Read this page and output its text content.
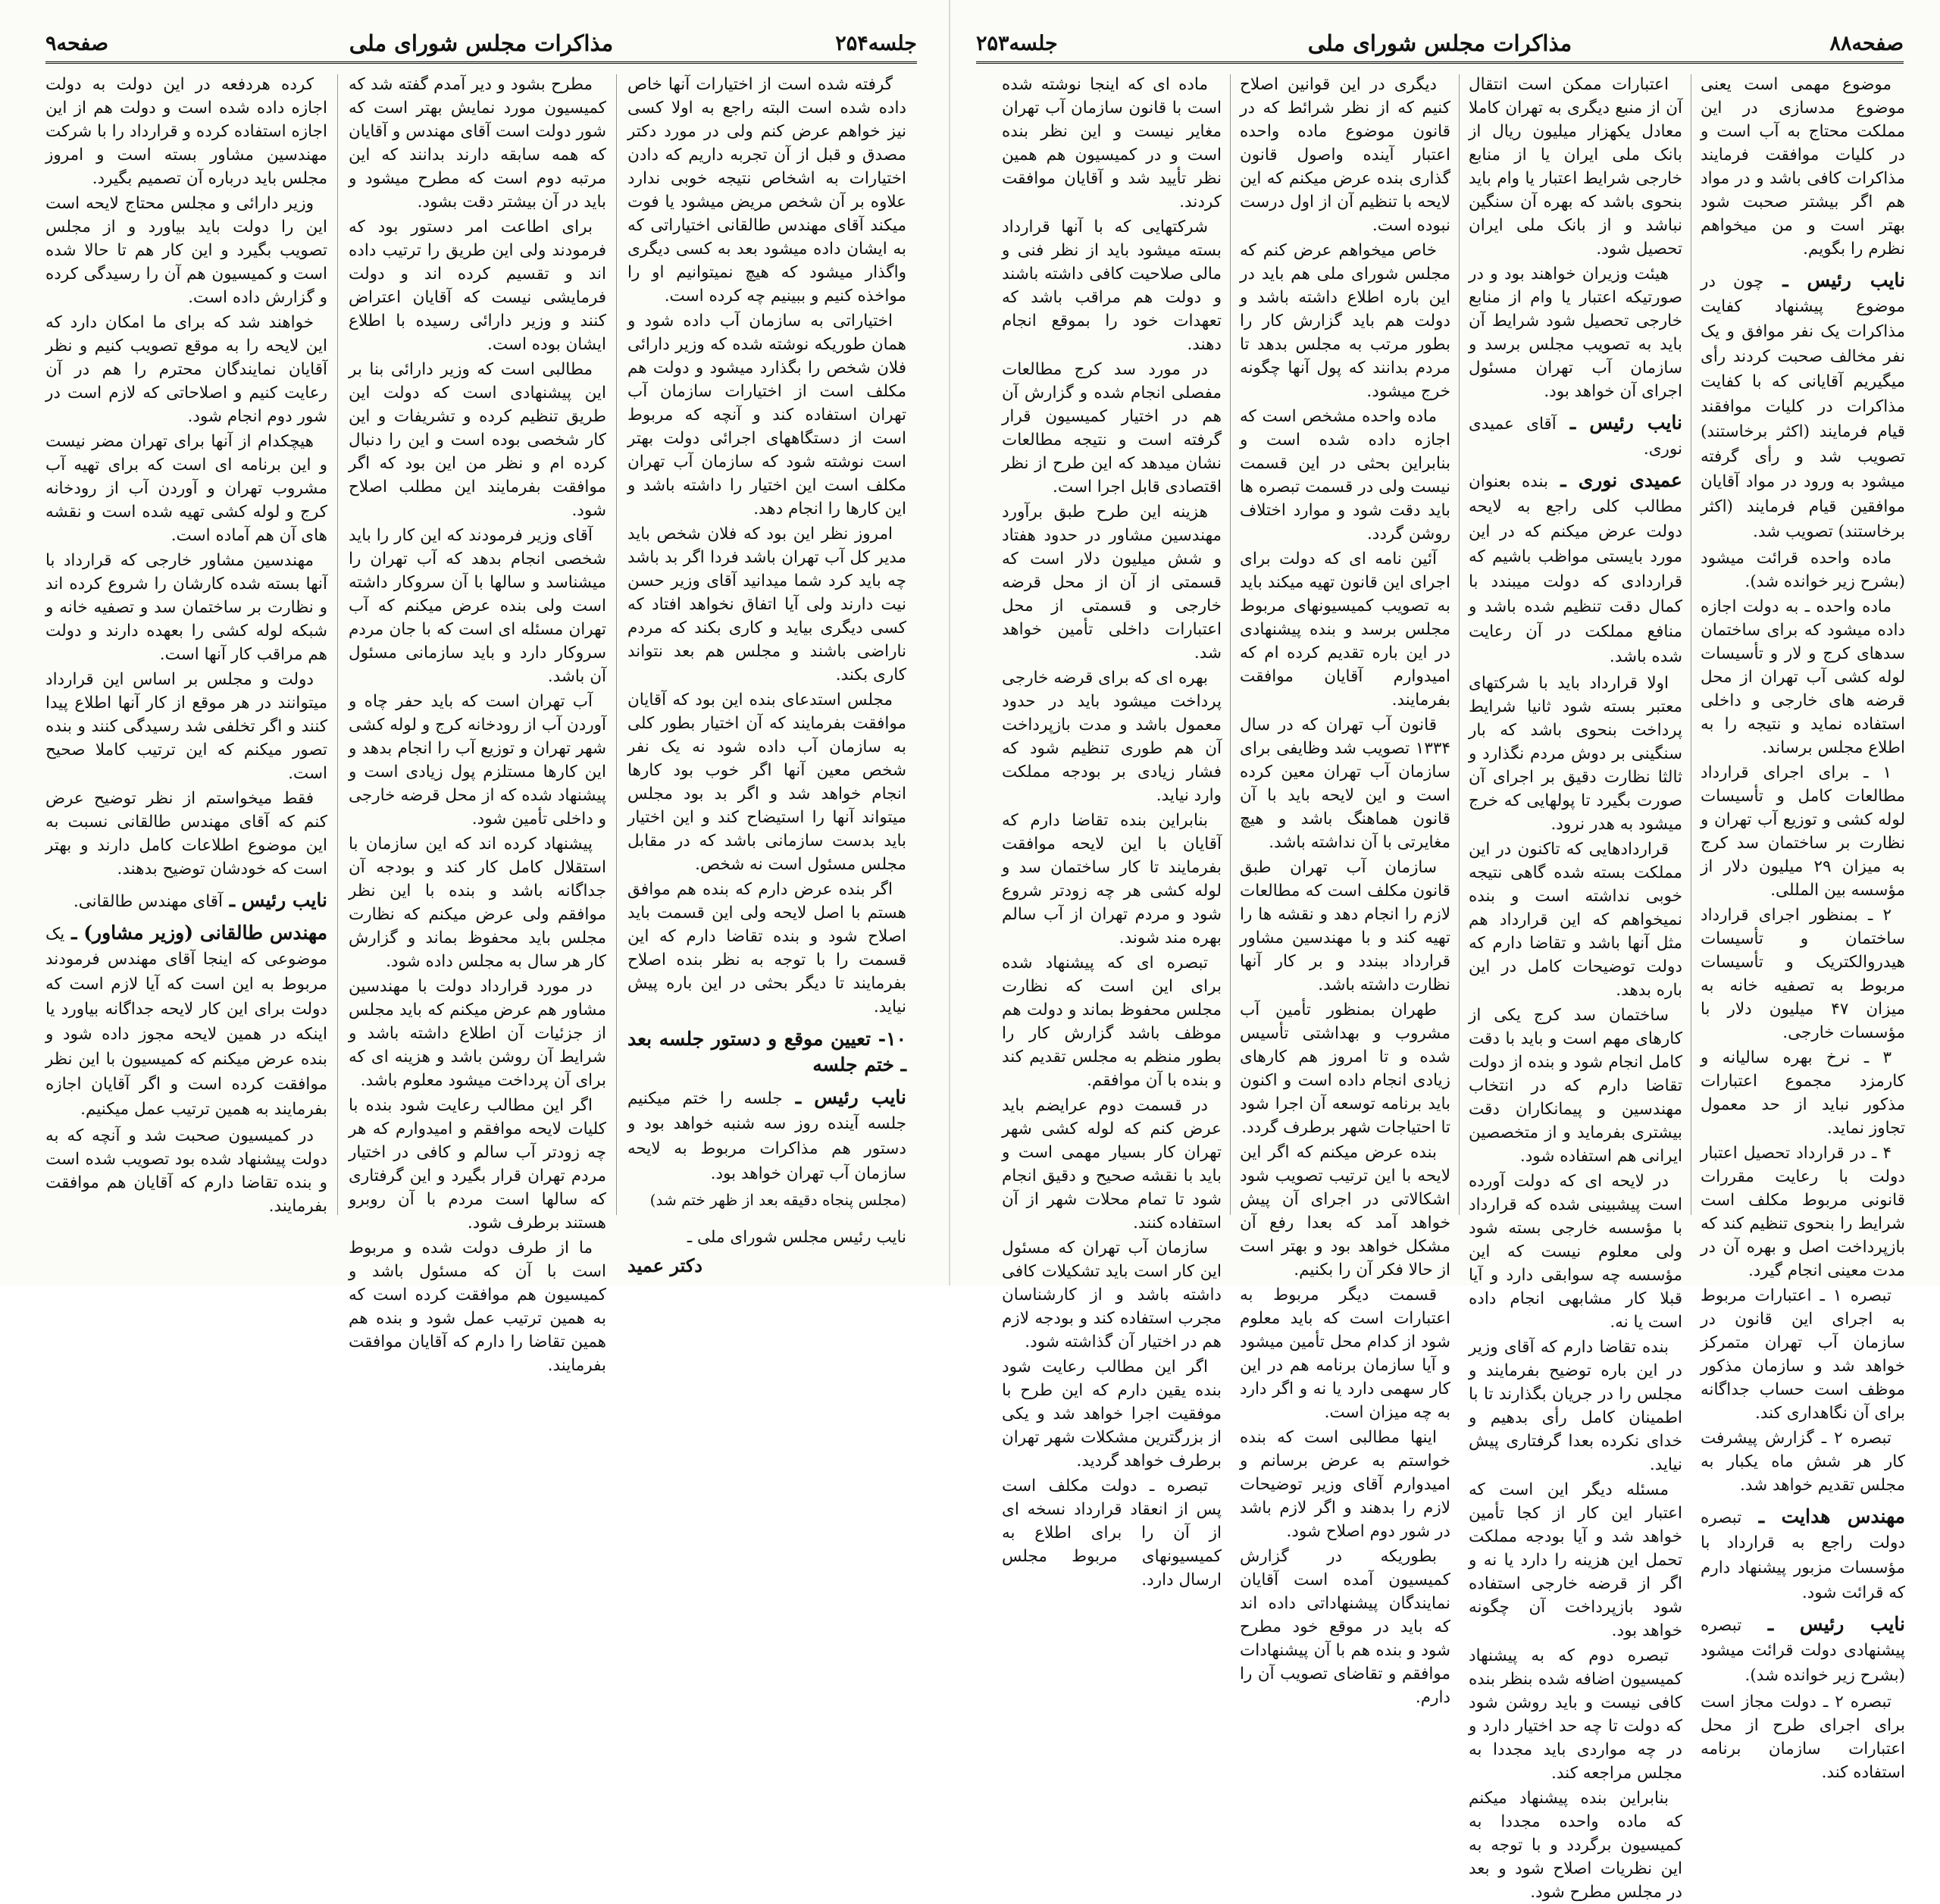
جلسه۲۵۴
مذاکرات مجلس شورای ملی
صفحه۹

گرفته شده است از اختیارات آنها خاص داده شده است البته راجع به اولا کسی نیز خواهم عرض کنم ولی در مورد دکتر مصدق و قبل از آن تجربه داریم که دادن اختیارات به اشخاص نتیجه خوبی ندارد علاوه بر آن شخص مریض میشود یا فوت میکند آقای مهندس طالقانی اختیاراتی که به ایشان داده میشود بعد به کسی دیگری واگذار میشود که هیچ نمیتوانیم او را مواخذه کنیم و ببینیم چه کرده است.

اختیاراتی به سازمان آب داده شود و همان طوریکه نوشته شده که وزیر دارائی فلان شخص را بگذارد میشود و دولت هم مکلف است از اختیارات سازمان آب تهران استفاده کند و آنچه که مربوط است از دستگاههای اجرائی دولت بهتر است نوشته شود که سازمان آب تهران مکلف است این اختیار را داشته باشد و این کارها را انجام دهد.

امروز نظر این بود که فلان شخص باید مدیر کل آب تهران باشد فردا اگر بد باشد چه باید کرد شما میدانید آقای وزیر حسن نیت دارند ولی آیا اتفاق نخواهد افتاد که کسی دیگری بیاید و کاری بکند که مردم ناراضی باشند و مجلس هم بعد نتواند کاری بکند.

مجلس استدعای بنده این بود که آقایان موافقت بفرمایند که آن اختیار بطور کلی به سازمان آب داده شود نه یک نفر شخص معین آنها اگر خوب بود کارها انجام خواهد شد و اگر بد بود مجلس میتواند آنها را استیضاح کند و این اختیار باید بدست سازمانی باشد که در مقابل مجلس مسئول است نه شخص.

اگر بنده عرض دارم که بنده هم موافق هستم با اصل لایحه ولی این قسمت باید اصلاح شود و بنده تقاضا دارم که این قسمت را با توجه به نظر بنده اصلاح بفرمایند تا دیگر بحثی در این باره پیش نیاید.

۱۰- تعیین موقع و دستور جلسه بعد ـ ختم جلسه

نایب رئیس ـ جلسه را ختم میکنیم جلسه آینده روز سه شنبه خواهد بود و دستور هم مذاکرات مربوط به لایحه سازمان آب تهران خواهد بود.

(مجلس پنجاه دقیقه بعد از ظهر ختم شد)

نایب رئیس مجلس شورای ملی ـ

دکتر عمید

مطرح بشود و دیر آمدم گفته شد که کمیسیون مورد نمایش بهتر است که شور دولت است آقای مهندس و آقایان که همه سابقه دارند بدانند که این مرتبه دوم است که مطرح میشود و باید در آن بیشتر دقت بشود.

برای اطاعت امر دستور بود که فرمودند ولی این طریق را ترتیب داده اند و تقسیم کرده اند و دولت فرمایشی نیست که آقایان اعتراض کنند و وزیر دارائی رسیده با اطلاع ایشان بوده است.

مطالبی است که وزیر دارائی بنا بر این پیشنهادی است که دولت این طریق تنظیم کرده و تشریفات و این کار شخصی بوده است و این را دنبال کرده ام و نظر من این بود که اگر موافقت بفرمایند این مطلب اصلاح شود.

آقای وزیر فرمودند که این کار را باید شخصی انجام بدهد که آب تهران را میشناسد و سالها با آن سروکار داشته است ولی بنده عرض میکنم که آب تهران مسئله ای است که با جان مردم سروکار دارد و باید سازمانی مسئول آن باشد.

آب تهران است که باید حفر چاه و آوردن آب از رودخانه کرج و لوله کشی شهر تهران و توزیع آب را انجام بدهد و این کارها مستلزم پول زیادی است و پیشنهاد شده که از محل قرضه خارجی و داخلی تأمین شود.

پیشنهاد کرده اند که این سازمان با استقلال کامل کار کند و بودجه آن جداگانه باشد و بنده با این نظر موافقم ولی عرض میکنم که نظارت مجلس باید محفوظ بماند و گزارش کار هر سال به مجلس داده شود.

در مورد قرارداد دولت با مهندسین مشاور هم عرض میکنم که باید مجلس از جزئیات آن اطلاع داشته باشد و شرایط آن روشن باشد و هزینه ای که برای آن پرداخت میشود معلوم باشد.

اگر این مطالب رعایت شود بنده با کلیات لایحه موافقم و امیدوارم که هر چه زودتر آب سالم و کافی در اختیار مردم تهران قرار بگیرد و این گرفتاری که سالها است مردم با آن روبرو هستند برطرف شود.

ما از طرف دولت شده و مربوط است با آن که مسئول باشد و کمیسیون هم موافقت کرده است که به همین ترتیب عمل شود و بنده هم همین تقاضا را دارم که آقایان موافقت بفرمایند.

کرده هردفعه در این دولت به دولت اجازه داده شده است و دولت هم از این اجازه استفاده کرده و قرارداد را با شرکت مهندسین مشاور بسته است و امروز مجلس باید درباره آن تصمیم بگیرد.

وزیر دارائی و مجلس محتاج لایحه است این را دولت باید بیاورد و از مجلس تصویب بگیرد و این کار هم تا حالا شده است و کمیسیون هم آن را رسیدگی کرده و گزارش داده است.

خواهند شد که برای ما امکان دارد که این لایحه را به موقع تصویب کنیم و نظر آقایان نمایندگان محترم را هم در آن رعایت کنیم و اصلاحاتی که لازم است در شور دوم انجام شود.

هیچکدام از آنها برای تهران مضر نیست و این برنامه ای است که برای تهیه آب مشروب تهران و آوردن آب از رودخانه کرج و لوله کشی تهیه شده است و نقشه های آن هم آماده است.

مهندسین مشاور خارجی که قرارداد با آنها بسته شده کارشان را شروع کرده اند و نظارت بر ساختمان سد و تصفیه خانه و شبکه لوله کشی را بعهده دارند و دولت هم مراقب کار آنها است.

دولت و مجلس بر اساس این قرارداد میتوانند در هر موقع از کار آنها اطلاع پیدا کنند و اگر تخلفی شد رسیدگی کنند و بنده تصور میکنم که این ترتیب کاملا صحیح است.

فقط میخواستم از نظر توضیح عرض کنم که آقای مهندس طالقانی نسبت به این موضوع اطلاعات کامل دارند و بهتر است که خودشان توضیح بدهند.

نایب رئیس ـ آقای مهندس طالقانی.

مهندس طالقانی (وزیر مشاور) ـ یک موضوعی که اینجا آقای مهندس فرمودند مربوط به این است که آیا لازم است که دولت برای این کار لایحه جداگانه بیاورد یا اینکه در همین لایحه مجوز داده شود و بنده عرض میکنم که کمیسیون با این نظر موافقت کرده است و اگر آقایان اجازه بفرمایند به همین ترتیب عمل میکنیم.

در کمیسیون صحبت شد و آنچه که به دولت پیشنهاد شده بود تصویب شده است و بنده تقاضا دارم که آقایان هم موافقت بفرمایند.

صفحه۸۸
مذاکرات مجلس شورای ملی
جلسه۲۵۳

موضوع مهمی است یعنی موضوع مدسازی در این مملکت محتاج به آب است و در کلیات موافقت فرمایند مذاکرات کافی باشد و در مواد هم اگر بیشتر صحبت شود بهتر است و من میخواهم نظرم را بگویم.

نایب رئیس ـ چون در موضوع پیشنهاد کفایت مذاکرات یک نفر موافق و یک نفر مخالف صحبت کردند رأی میگیریم آقایانی که با کفایت مذاکرات در کلیات موافقند قیام فرمایند (اکثر برخاستند) تصویب شد و رأی گرفته میشود به ورود در مواد آقایان موافقین قیام فرمایند (اکثر برخاستند) تصویب شد.

ماده واحده قرائت میشود (بشرح زیر خوانده شد).

ماده واحده ـ به دولت اجازه داده میشود که برای ساختمان سدهای کرج و لار و تأسیسات لوله کشی آب تهران از محل قرضه های خارجی و داخلی استفاده نماید و نتیجه را به اطلاع مجلس برساند.

۱ ـ برای اجرای قرارداد مطالعات کامل و تأسیسات لوله کشی و توزیع آب تهران و نظارت بر ساختمان سد کرج به میزان ۲۹ میلیون دلار از مؤسسه بین المللی.

۲ ـ بمنظور اجرای قرارداد ساختمان و تأسیسات هیدروالکتریک و تأسیسات مربوط به تصفیه خانه به میزان ۴۷ میلیون دلار با مؤسسات خارجی.

۳ ـ نرخ بهره سالیانه و کارمزد مجموع اعتبارات مذکور نباید از حد معمول تجاوز نماید.

۴ ـ در قرارداد تحصیل اعتبار دولت با رعایت مقررات قانونی مربوط مکلف است شرایط را بنحوی تنظیم کند که بازپرداخت اصل و بهره آن در مدت معینی انجام گیرد.

تبصره ۱ ـ اعتبارات مربوط به اجرای این قانون در سازمان آب تهران متمرکز خواهد شد و سازمان مذکور موظف است حساب جداگانه برای آن نگاهداری کند.

تبصره ۲ ـ گزارش پیشرفت کار هر شش ماه یکبار به مجلس تقدیم خواهد شد.

مهندس هدایت ـ تبصره دولت راجع به قرارداد با مؤسسات مزبور پیشنهاد دارم که قرائت شود.

نایب رئیس ـ تبصره پیشنهادی دولت قرائت میشود (بشرح زیر خوانده شد).

تبصره ۲ ـ دولت مجاز است برای اجرای طرح از محل اعتبارات سازمان برنامه استفاده کند.

اعتبارات ممکن است انتقال آن از منبع دیگری به تهران کاملا معادل یکهزار میلیون ریال از بانک ملی ایران یا از منابع خارجی شرایط اعتبار یا وام باید بنحوی باشد که بهره آن سنگین نباشد و از بانک ملی ایران تحصیل شود.

هیئت وزیران خواهند بود و در صورتیکه اعتبار یا وام از منابع خارجی تحصیل شود شرایط آن باید به تصویب مجلس برسد و سازمان آب تهران مسئول اجرای آن خواهد بود.

نایب رئیس ـ آقای عمیدی نوری.

عمیدی نوری ـ بنده بعنوان مطالب کلی راجع به لایحه دولت عرض میکنم که در این مورد بایستی مواظب باشیم که قراردادی که دولت میبندد با کمال دقت تنظیم شده باشد و منافع مملکت در آن رعایت شده باشد.

اولا قرارداد باید با شرکتهای معتبر بسته شود ثانیا شرایط پرداخت بنحوی باشد که بار سنگینی بر دوش مردم نگذارد و ثالثا نظارت دقیق بر اجرای آن صورت بگیرد تا پولهایی که خرج میشود به هدر نرود.

قراردادهایی که تاکنون در این مملکت بسته شده گاهی نتیجه خوبی نداشته است و بنده نمیخواهم که این قرارداد هم مثل آنها باشد و تقاضا دارم که دولت توضیحات کامل در این باره بدهد.

ساختمان سد کرج یکی از کارهای مهم است و باید با دقت کامل انجام شود و بنده از دولت تقاضا دارم که در انتخاب مهندسین و پیمانکاران دقت بیشتری بفرماید و از متخصصین ایرانی هم استفاده شود.

در لایحه ای که دولت آورده است پیشبینی شده که قرارداد با مؤسسه خارجی بسته شود ولی معلوم نیست که این مؤسسه چه سوابقی دارد و آیا قبلا کار مشابهی انجام داده است یا نه.

بنده تقاضا دارم که آقای وزیر در این باره توضیح بفرمایند و مجلس را در جریان بگذارند تا با اطمینان کامل رأی بدهیم و خدای نکرده بعدا گرفتاری پیش نیاید.

مسئله دیگر این است که اعتبار این کار از کجا تأمین خواهد شد و آیا بودجه مملکت تحمل این هزینه را دارد یا نه و اگر از قرضه خارجی استفاده شود بازپرداخت آن چگونه خواهد بود.

تبصره دوم که به پیشنهاد کمیسیون اضافه شده بنظر بنده کافی نیست و باید روشن شود که دولت تا چه حد اختیار دارد و در چه مواردی باید مجددا به مجلس مراجعه کند.

بنابراین بنده پیشنهاد میکنم که ماده واحده مجددا به کمیسیون برگردد و با توجه به این نظریات اصلاح شود و بعد در مجلس مطرح شود.

دیگری در این قوانین اصلاح کنیم که از نظر شرائط که در قانون موضوع ماده واحده اعتبار آینده واصول قانون گذاری بنده عرض میکنم که این لایحه با تنظیم آن از اول درست نبوده است.

خاص میخواهم عرض کنم که مجلس شورای ملی هم باید در این باره اطلاع داشته باشد و دولت هم باید گزارش کار را بطور مرتب به مجلس بدهد تا مردم بدانند که پول آنها چگونه خرج میشود.

ماده واحده مشخص است که اجازه داده شده است و بنابراین بحثی در این قسمت نیست ولی در قسمت تبصره ها باید دقت شود و موارد اختلاف روشن گردد.

آئین نامه ای که دولت برای اجرای این قانون تهیه میکند باید به تصویب کمیسیونهای مربوط مجلس برسد و بنده پیشنهادی در این باره تقدیم کرده ام که امیدوارم آقایان موافقت بفرمایند.

قانون آب تهران که در سال ۱۳۳۴ تصویب شد وظایفی برای سازمان آب تهران معین کرده است و این لایحه باید با آن قانون هماهنگ باشد و هیچ مغایرتی با آن نداشته باشد.

سازمان آب تهران طبق قانون مکلف است که مطالعات لازم را انجام دهد و نقشه ها را تهیه کند و با مهندسین مشاور قرارداد ببندد و بر کار آنها نظارت داشته باشد.

طهران بمنظور تأمین آب مشروب و بهداشتی تأسیس شده و تا امروز هم کارهای زیادی انجام داده است و اکنون باید برنامه توسعه آن اجرا شود تا احتیاجات شهر برطرف گردد.

بنده عرض میکنم که اگر این لایحه با این ترتیب تصویب شود اشکالاتی در اجرای آن پیش خواهد آمد که بعدا رفع آن مشکل خواهد بود و بهتر است از حالا فکر آن را بکنیم.

قسمت دیگر مربوط به اعتبارات است که باید معلوم شود از کدام محل تأمین میشود و آیا سازمان برنامه هم در این کار سهمی دارد یا نه و اگر دارد به چه میزان است.

اینها مطالبی است که بنده خواستم به عرض برسانم و امیدوارم آقای وزیر توضیحات لازم را بدهند و اگر لازم باشد در شور دوم اصلاح شود.

بطوریکه در گزارش کمیسیون آمده است آقایان نمایندگان پیشنهاداتی داده اند که باید در موقع خود مطرح شود و بنده هم با آن پیشنهادات موافقم و تقاضای تصویب آن را دارم.

ماده ای که اینجا نوشته شده است با قانون سازمان آب تهران مغایر نیست و این نظر بنده است و در کمیسیون هم همین نظر تأیید شد و آقایان موافقت کردند.

شرکتهایی که با آنها قرارداد بسته میشود باید از نظر فنی و مالی صلاحیت کافی داشته باشند و دولت هم مراقب باشد که تعهدات خود را بموقع انجام دهند.

در مورد سد کرج مطالعات مفصلی انجام شده و گزارش آن هم در اختیار کمیسیون قرار گرفته است و نتیجه مطالعات نشان میدهد که این طرح از نظر اقتصادی قابل اجرا است.

هزینه این طرح طبق برآورد مهندسین مشاور در حدود هفتاد و شش میلیون دلار است که قسمتی از آن از محل قرضه خارجی و قسمتی از محل اعتبارات داخلی تأمین خواهد شد.

بهره ای که برای قرضه خارجی پرداخت میشود باید در حدود معمول باشد و مدت بازپرداخت آن هم طوری تنظیم شود که فشار زیادی بر بودجه مملکت وارد نیاید.

بنابراین بنده تقاضا دارم که آقایان با این لایحه موافقت بفرمایند تا کار ساختمان سد و لوله کشی هر چه زودتر شروع شود و مردم تهران از آب سالم بهره مند شوند.

تبصره ای که پیشنهاد شده برای این است که نظارت مجلس محفوظ بماند و دولت هم موظف باشد گزارش کار را بطور منظم به مجلس تقدیم کند و بنده با آن موافقم.

در قسمت دوم عرایضم باید عرض کنم که لوله کشی شهر تهران کار بسیار مهمی است و باید با نقشه صحیح و دقیق انجام شود تا تمام محلات شهر از آن استفاده کنند.

سازمان آب تهران که مسئول این کار است باید تشکیلات کافی داشته باشد و از کارشناسان مجرب استفاده کند و بودجه لازم هم در اختیار آن گذاشته شود.

اگر این مطالب رعایت شود بنده یقین دارم که این طرح با موفقیت اجرا خواهد شد و یکی از بزرگترین مشکلات شهر تهران برطرف خواهد گردید.

تبصره ـ دولت مکلف است پس از انعقاد قرارداد نسخه ای از آن را برای اطلاع به کمیسیونهای مربوط مجلس ارسال دارد.
